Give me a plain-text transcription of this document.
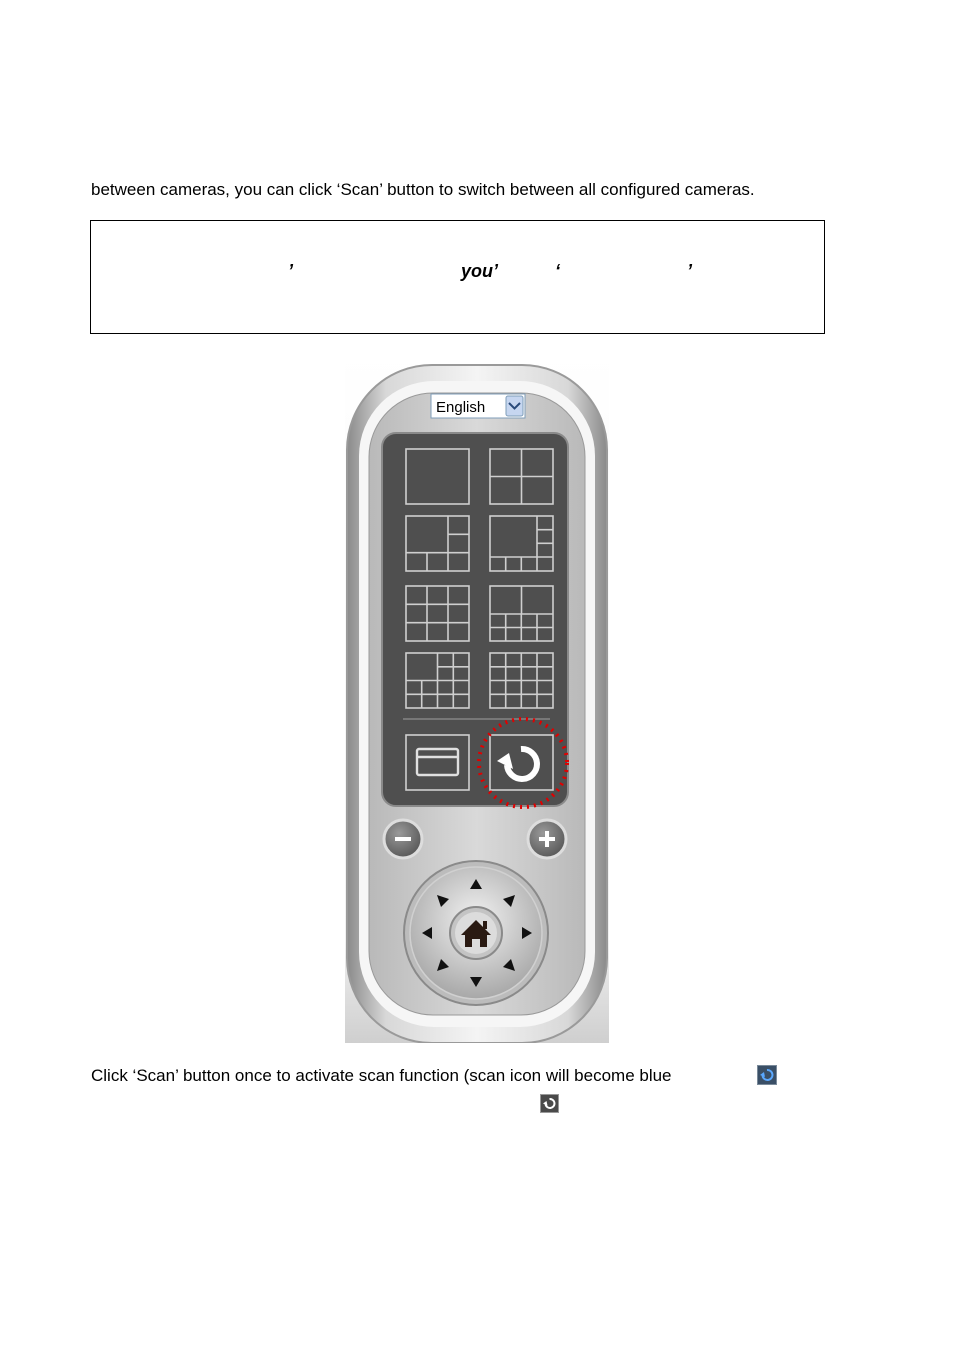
between cameras, you can click ‘Scan’ button to switch between all configured cameras.
’	you’	‘	’
English
Click ‘Scan’ button once to activate scan function (scan icon will become blue
